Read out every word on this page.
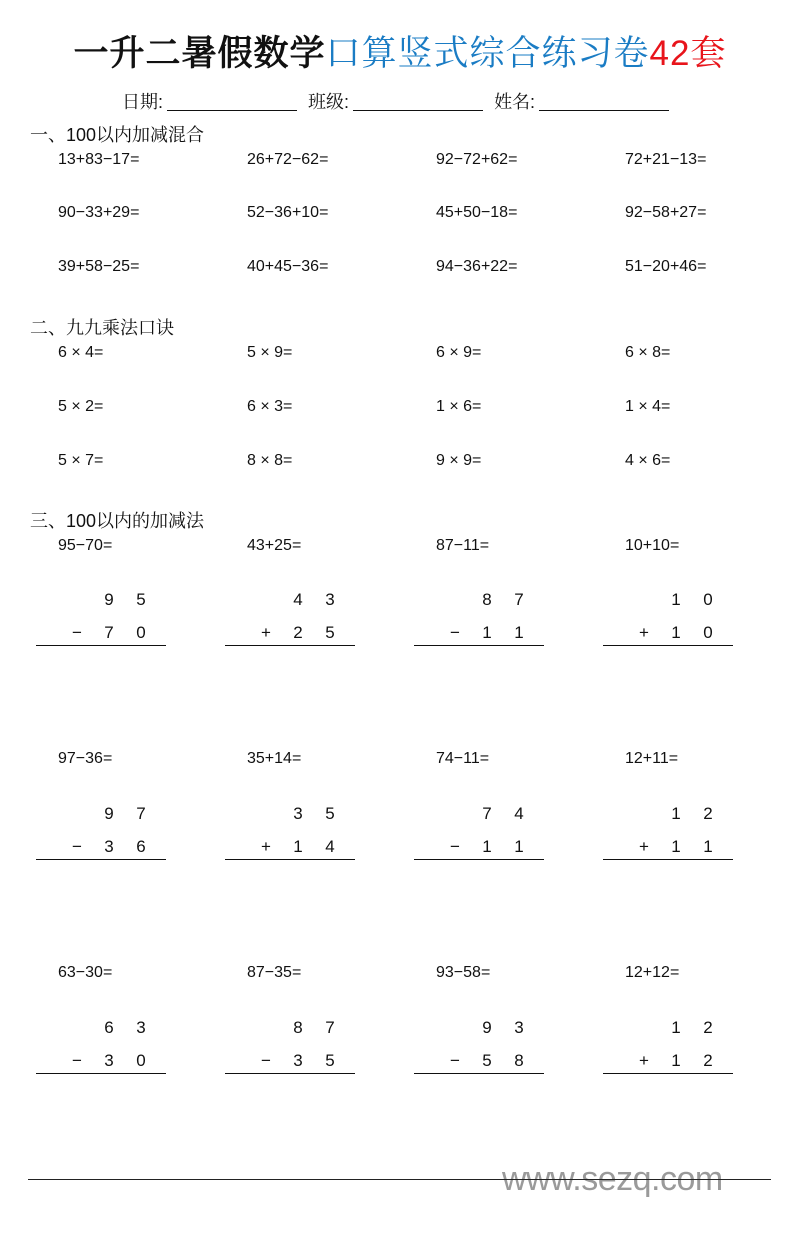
一升二暑假数学口算竖式综合练习卷42套
日期:	班级:	姓名:
一、100以内加减混合
13+83−17=	26+72−62=	92−72+62=	72+21−13=
90−33+29=	52−36+10=	45+50−18=	92−58+27=
39+58−25=	40+45−36=	94−36+22=	51−20+46=
二、九九乘法口诀
6 × 4=	5 × 9=	6 × 9=	6 × 8=
5 × 2=	6 × 3=	1 × 6=	1 × 4=
5 × 7=	8 × 8=	9 × 9=	4 × 6=
三、100以内的加减法
95−70=	43+25=	87−11=	10+10=
9 5
− 7 0
4 3
+ 2 5
8 7
− 1 1
1 0
+ 1 0
97−36=	35+14=	74−11=	12+11=
9 7
− 3 6
3 5
+ 1 4
7 4
− 1 1
1 2
+ 1 1
63−30=	87−35=	93−58=	12+12=
6 3
− 3 0
8 7
− 3 5
9 3
− 5 8
1 2
+ 1 2
www.sezq.com
